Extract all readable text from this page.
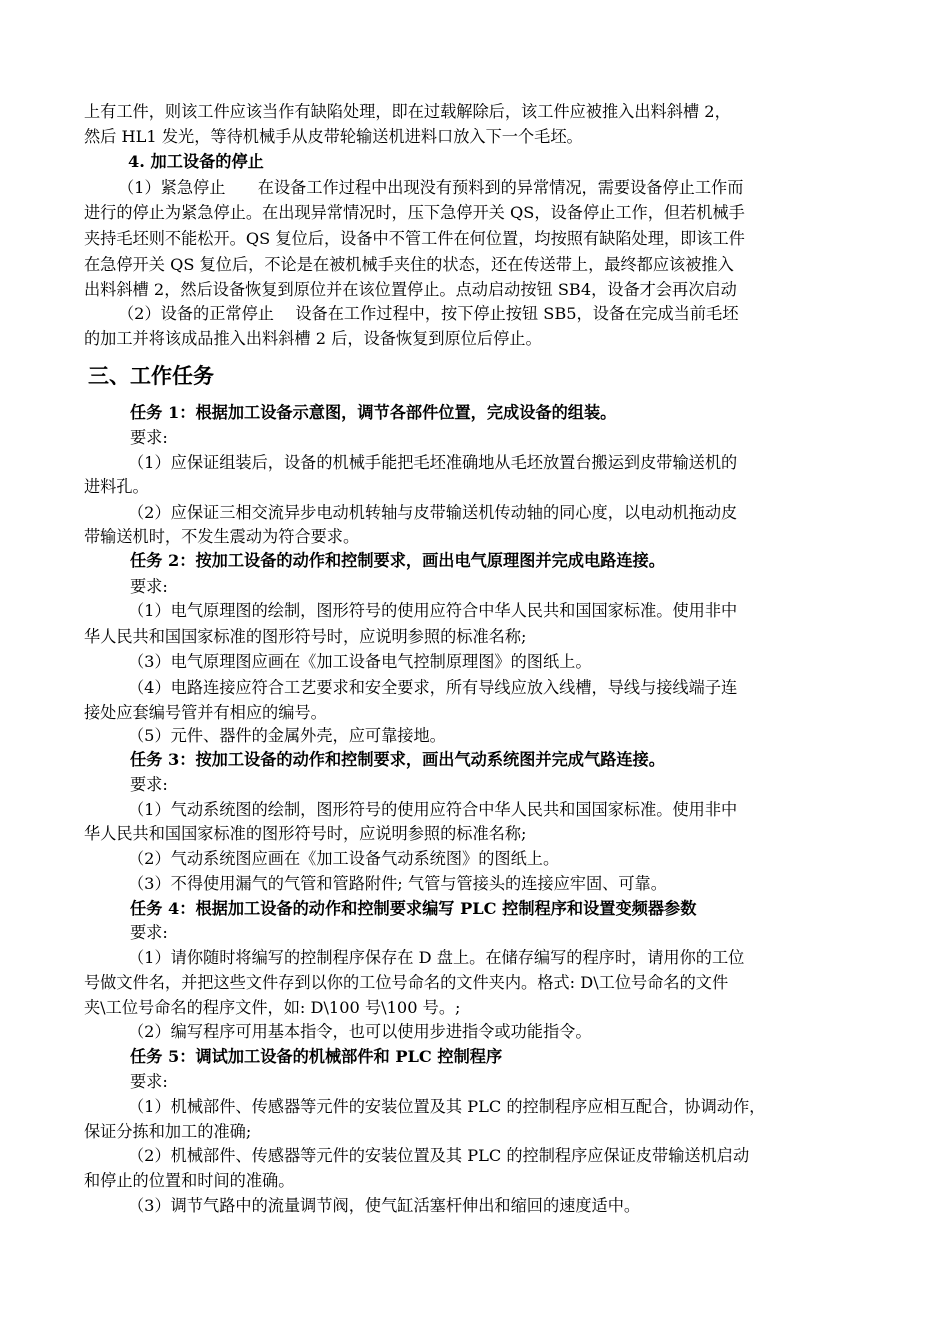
上有工件，则该工件应该当作有缺陷处理，即在过载解除后，该工件应被推入出料斜槽 2，
然后 HL1 发光，等待机械手从皮带轮输送机进料口放入下一个毛坯。
4. 加工设备的停止
（1）紧急停止　　在设备工作过程中出现没有预料到的异常情况，需要设备停止工作而
进行的停止为紧急停止。在出现异常情况时，压下急停开关 QS，设备停止工作，但若机械手
夹持毛坯则不能松开。QS 复位后，设备中不管工件在何位置，均按照有缺陷处理，即该工件
在急停开关 QS 复位后，不论是在被机械手夹住的状态，还在传送带上，最终都应该被推入
出料斜槽 2，然后设备恢复到原位并在该位置停止。点动启动按钮 SB4，设备才会再次启动
（2）设备的正常停止　 设备在工作过程中，按下停止按钮 SB5，设备在完成当前毛坯
的加工并将该成品推入出料斜槽 2 后，设备恢复到原位后停止。
三、工作任务
任务 1：根据加工设备示意图，调节各部件位置，完成设备的组装。
要求:
（1）应保证组装后，设备的机械手能把毛坯准确地从毛坯放置台搬运到皮带输送机的
进料孔。
（2）应保证三相交流异步电动机转轴与皮带输送机传动轴的同心度，以电动机拖动皮
带输送机时，不发生震动为符合要求。
任务 2：按加工设备的动作和控制要求，画出电气原理图并完成电路连接。
要求:
（1）电气原理图的绘制，图形符号的使用应符合中华人民共和国国家标准。使用非中
华人民共和国国家标准的图形符号时，应说明参照的标准名称;
（3）电气原理图应画在《加工设备电气控制原理图》的图纸上。
（4）电路连接应符合工艺要求和安全要求，所有导线应放入线槽，导线与接线端子连
接处应套编号管并有相应的编号。
（5）元件、器件的金属外壳，应可靠接地。
任务 3：按加工设备的动作和控制要求，画出气动系统图并完成气路连接。
要求:
（1）气动系统图的绘制，图形符号的使用应符合中华人民共和国国家标准。使用非中
华人民共和国国家标准的图形符号时，应说明参照的标准名称;
（2）气动系统图应画在《加工设备气动系统图》的图纸上。
（3）不得使用漏气的气管和管路附件; 气管与管接头的连接应牢固、可靠。
任务 4：根据加工设备的动作和控制要求编写 PLC 控制程序和设置变频器参数
要求:
（1）请你随时将编写的控制程序保存在 D 盘上。在储存编写的程序时，请用你的工位
号做文件名，并把这些文件存到以你的工位号命名的文件夹内。格式: D\工位号命名的文件
夹\工位号命名的程序文件，如: D\100 号\100 号。;
（2）编写程序可用基本指令，也可以使用步进指令或功能指令。
任务 5：调试加工设备的机械部件和 PLC 控制程序
要求:
（1）机械部件、传感器等元件的安装位置及其 PLC 的控制程序应相互配合，协调动作，
保证分拣和加工的准确;
（2）机械部件、传感器等元件的安装位置及其 PLC 的控制程序应保证皮带输送机启动
和停止的位置和时间的准确。
（3）调节气路中的流量调节阀，使气缸活塞杆伸出和缩回的速度适中。
